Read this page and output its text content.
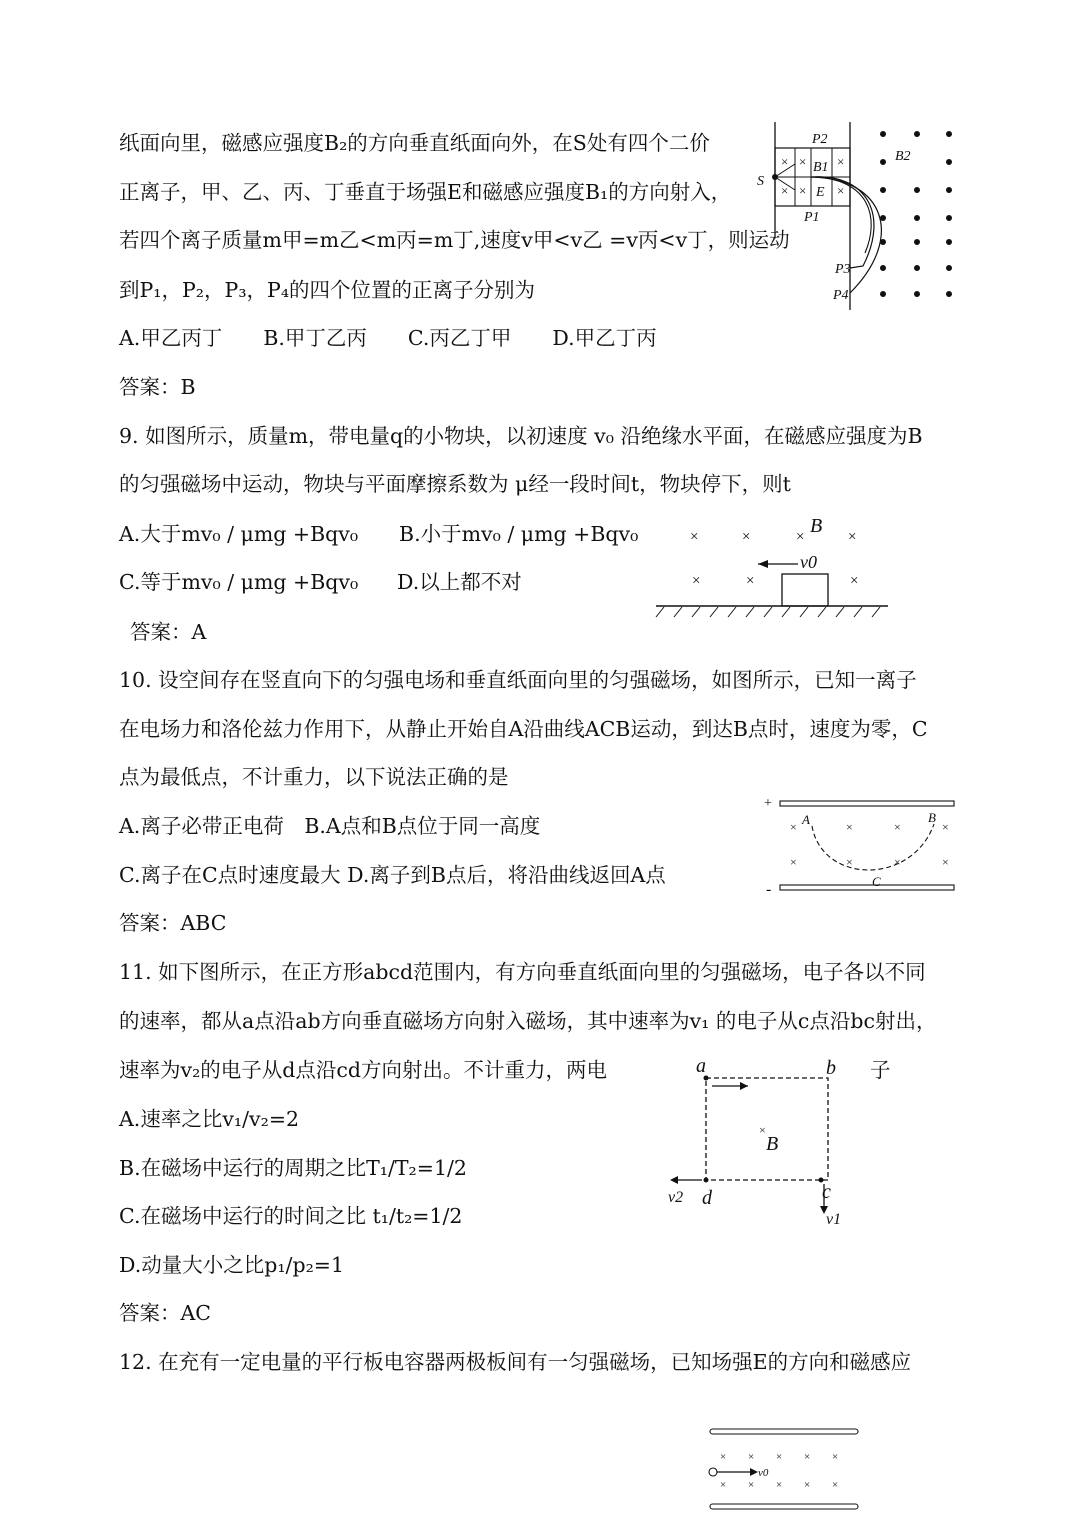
纸面向里，磁感应强度B₂的方向垂直纸面向外，在S处有四个二价
正离子，甲、乙、丙、丁垂直于场强E和磁感应强度B₁的方向射入，
若四个离子质量m甲=m乙<m丙=m丁,速度v甲<v乙 =v丙<v丁，则运动
到P₁，P₂，P₃，P₄的四个位置的正离子分别为
A.甲乙丙丁　　B.甲丁乙丙　　C.丙乙丁甲　　D.甲乙丁丙
答案：B
× × ×
× × ×
S
P2
B1
E
P1
P3
P4
B2
9. 如图所示，质量m，带电量q的小物块，以初速度 v₀ 沿绝缘水平面，在磁感应强度为B
的匀强磁场中运动，物块与平面摩擦系数为 μ经一段时间t，物块停下，则t
A.大于mv₀ / μmg +Bqv₀ B.小于mv₀ / μmg +Bqv₀
C.等于mv₀ / μmg +Bqv₀ D.以上都不对
答案：A
×	×	×	×
×	×	×
B
v0
10. 设空间存在竖直向下的匀强电场和垂直纸面向里的匀强磁场，如图所示，已知一离子
在电场力和洛伦兹力作用下，从静止开始自A沿曲线ACB运动，到达B点时，速度为零，C
点为最低点，不计重力，以下说法正确的是
A.离子必带正电荷　B.A点和B点位于同一高度
C.离子在C点时速度最大 D.离子到B点后，将沿曲线返回A点
答案：ABC
+
-
×	×	×	×
×	×	×	×
A	B
C
11. 如下图所示，在正方形abcd范围内，有方向垂直纸面向里的匀强磁场，电子各以不同
的速率，都从a点沿ab方向垂直磁场方向射入磁场，其中速率为v₁ 的电子从c点沿bc射出，
速率为v₂的电子从d点沿cd方向射出。不计重力，两电	子
A.速率之比v₁/v₂=2
B.在磁场中运行的周期之比T₁/T₂=1/2
C.在磁场中运行的时间之比 t₁/t₂=1/2
D.动量大小之比p₁/p₂=1
答案：AC
×
a	b
d	c
B
v2
v1
12. 在充有一定电量的平行板电容器两极板间有一匀强磁场，已知场强E的方向和磁感应
× × × × ×
× × × × ×
v0
